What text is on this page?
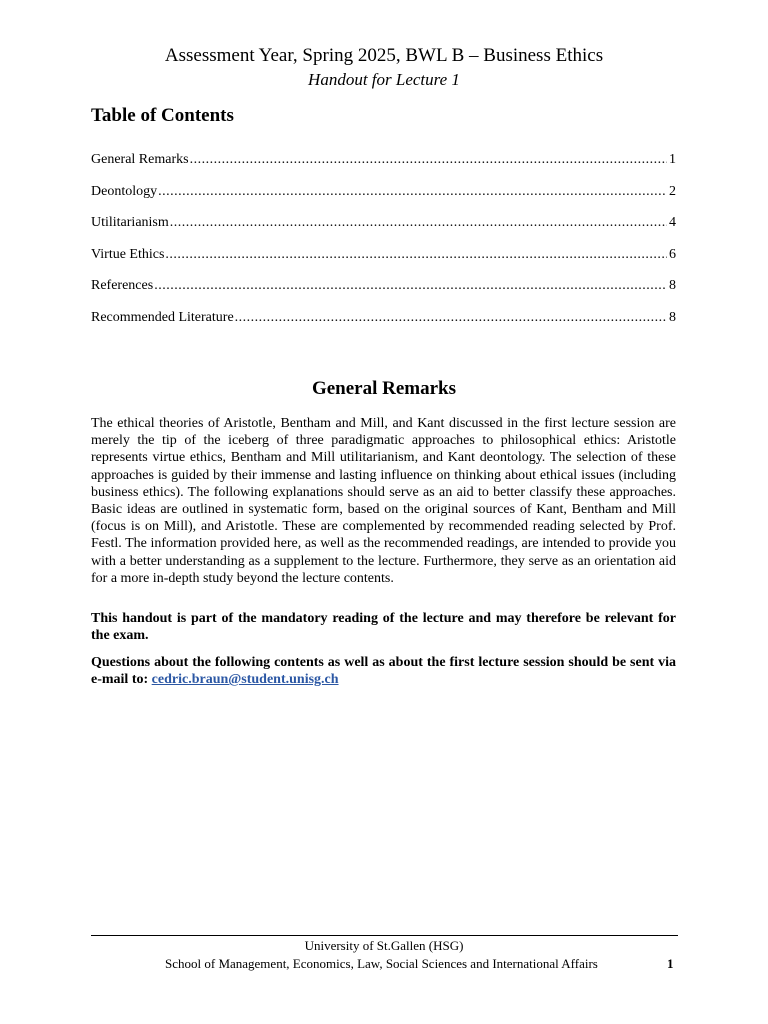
Assessment Year, Spring 2025, BWL B – Business Ethics
Handout for Lecture 1
Table of Contents
General Remarks .....	1
Deontology .....	2
Utilitarianism .....	4
Virtue Ethics .....	6
References .....	8
Recommended Literature .....	8
General Remarks

The ethical theories of Aristotle, Bentham and Mill, and Kant discussed in the first lecture session are merely the tip of the iceberg of three paradigmatic approaches to philosophical ethics: Aristotle represents virtue ethics, Bentham and Mill utilitarianism, and Kant deontology. The selection of these approaches is guided by their immense and lasting influence on thinking about ethical issues (including business ethics). The following explanations should serve as an aid to better classify these approaches. Basic ideas are outlined in systematic form, based on the original sources of Kant, Bentham and Mill (focus is on Mill), and Aristotle. These are complemented by recommended reading selected by Prof. Festl. The information provided here, as well as the recommended readings, are intended to provide you with a better understanding as a supplement to the lecture. Furthermore, they serve as an orientation aid for a more in-depth study beyond the lecture contents.

This handout is part of the mandatory reading of the lecture and may therefore be relevant for the exam.

Questions about the following contents as well as about the first lecture session should be sent via e-mail to: cedric.braun@student.unisg.ch

University of St.Gallen (HSG)
School of Management, Economics, Law, Social Sciences and International Affairs	1
